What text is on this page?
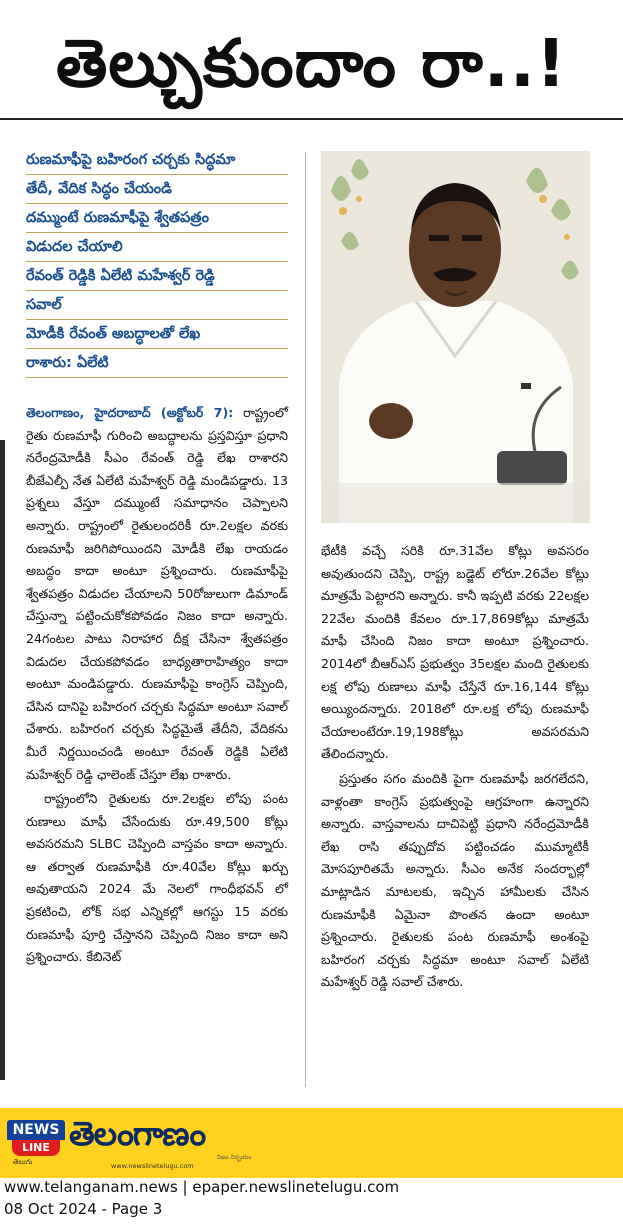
తెల్చుకుందాం రా..!
రుణమాఫీపై బహిరంగ చర్చకు సిద్ధమా
తేదీ, వేదిక సిద్ధం చేయండి
దమ్ముంటే రుణమాఫీపై శ్వేతపత్రం
విడుదల చేయాలి
రేవంత్ రెడ్డికి ఏలేటి మహేశ్వర్ రెడ్డి
సవాల్
మోడీకి రేవంత్ అబద్ధాలతో లేఖ
రాశారు: ఏలేటి

తెలంగాణం, హైదరాబాద్ (అక్టోబర్ 7): రాష్ట్రంలో రైతు రుణమాఫీ గురించి అబద్ధాలను ప్రస్తవిస్తూ ప్రధాని నరేంద్రమోడీకి సీఎం రేవంత్ రెడ్డి లేఖ రాశారని బీజేఎల్పీ నేత ఏలేటి మహేశ్వర్ రెడ్డి మండిపడ్డారు. 13 ప్రశ్నలు వేస్తూ దమ్ముంటే సమాధానం చెప్పాలని అన్నారు. రాష్ట్రంలో రైతులందరికీ రూ.2లక్షల వరకు రుణమాఫీ జరిగిపోయిందని మోడీకి లేఖ రాయడం అబద్ధం కాదా అంటూ ప్రశ్నించారు. రుణమాఫీపై శ్వేతపత్రం విడుదల చేయాలని 50రోజులుగా డిమాండ్ చేస్తున్నా పట్టించుకోకపోవడం నిజం కాదా అన్నారు. 24గంటల పాటు నిరాహార దీక్ష చేసినా శ్వేతపత్రం విడుదల చేయకపోవడం బాధ్యతారాహిత్యం కాదా అంటూ మండిపడ్డారు. రుణమాఫీపై కాంగ్రెస్ చెప్పింది, చేసిన దానిపై బహిరంగ చర్చకు సిద్ధమా అంటూ సవాల్ చేశారు. బహిరంగ చర్చకు సిద్ధమైతే తేదీని, వేదికను మీరే నిర్ణయించండి అంటూ రేవంత్ రెడ్డికి ఏలేటి మహేశ్వర్ రెడ్డి ఛాలెంజ్ చేస్తూ లేఖ రాశారు.

రాష్ట్రంలోని రైతులకు రూ.2లక్షల లోపు పంట రుణాలు మాఫీ చేసేందుకు రూ.49,500 కోట్లు అవసరమని SLBC చెప్పింది వాస్తవం కాదా అన్నారు. ఆ తర్వాత రుణమాఫీకి రూ.40వేల కోట్లు ఖర్చు అవుతాయని 2024 మే నెలలో గాంధీభవన్ లో ప్రకటించి, లోక్ సభ ఎన్నికల్లో ఆగస్టు 15 వరకు రుణమాఫీ పూర్తి చేస్తానని చెప్పింది నిజం కాదా అని ప్రశ్నించారు. కేబినెట్

భేటీకి వచ్చే సరికి రూ.31వేల కోట్లు అవసరం అవుతుందని చెప్పి, రాష్ట్ర బడ్జెట్ లోరూ.26వేల కోట్లు మాత్రమే పెట్టారని అన్నారు. కానీ ఇప్పటి వరకు 22లక్షల 22వేల మందికి కేవలం రూ.17,869కోట్లు మాత్రమే మాఫీ చేసింది నిజం కాదా అంటూ ప్రశ్నించారు. 2014లో బీఆర్ఎస్ ప్రభుత్వం 35లక్షల మంది రైతులకు లక్ష లోపు రుణాలు మాఫీ చేస్తేనే రూ.16,144 కోట్లు అయ్యిందన్నారు. 2018లో రూ.లక్ష లోపు రుణమాఫీ చేయాలంటేరూ.19,198కోట్లు అవసరమని తేలిందన్నారు.

ప్రస్తుతం సగం మందికి పైగా రుణమాఫీ జరగలేదని, వాళ్లంతా కాంగ్రెస్ ప్రభుత్వంపై ఆగ్రహంగా ఉన్నారని అన్నారు. వాస్తవాలను దాచిపెట్టి ప్రధాని నరేంద్రమోడీకి లేఖ రాసి తప్పుదోవ పట్టించడం ముమ్మాటికీ మోసపూరితమే అన్నారు. సీఎం అనేక సందర్భాల్లో మాట్లాడిన మాటలకు, ఇచ్చిన హామీలకు చేసిన రుణమాఫీకి ఏమైనా పొంతన ఉందా అంటూ ప్రశ్నించారు. రైతులకు పంట రుణమాఫీ అంశంపై బహిరంగ చర్చకు సిద్ధమా అంటూ సవాల్ ఏలేటి మహేశ్వర్ రెడ్డి సవాల్ చేశారు.

NEWS
LINE
తెలుగు
తెలంగాణం
www.newslinetelugu.com
నిజం నిర్భయం
www.telanganam.news | epaper.newslinetelugu.com
08 Oct 2024 - Page 3
